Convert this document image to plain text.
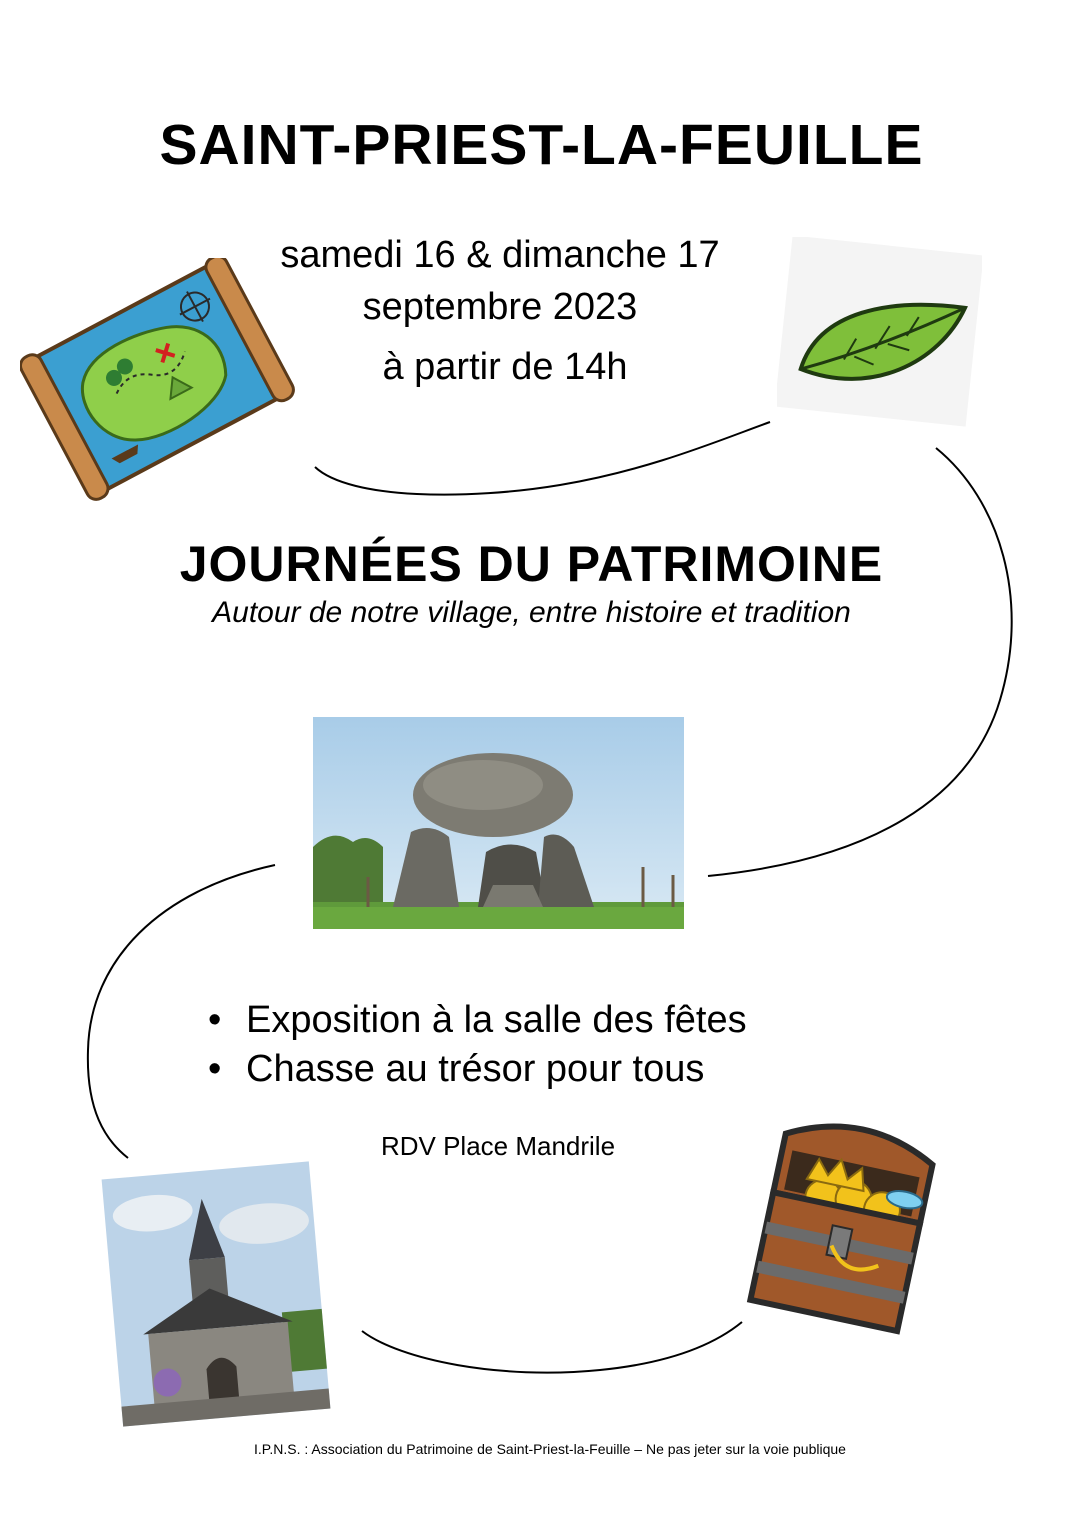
SAINT-PRIEST-LA-FEUILLE
samedi 16 & dimanche 17
septembre 2023
à partir de 14h
JOURNÉES DU PATRIMOINE
Autour de notre village, entre histoire et tradition
• Exposition à la salle des fêtes
• Chasse au trésor pour tous
RDV Place Mandrile
I.P.N.S. : Association du Patrimoine de Saint-Priest-la-Feuille – Ne pas jeter sur la voie publique
